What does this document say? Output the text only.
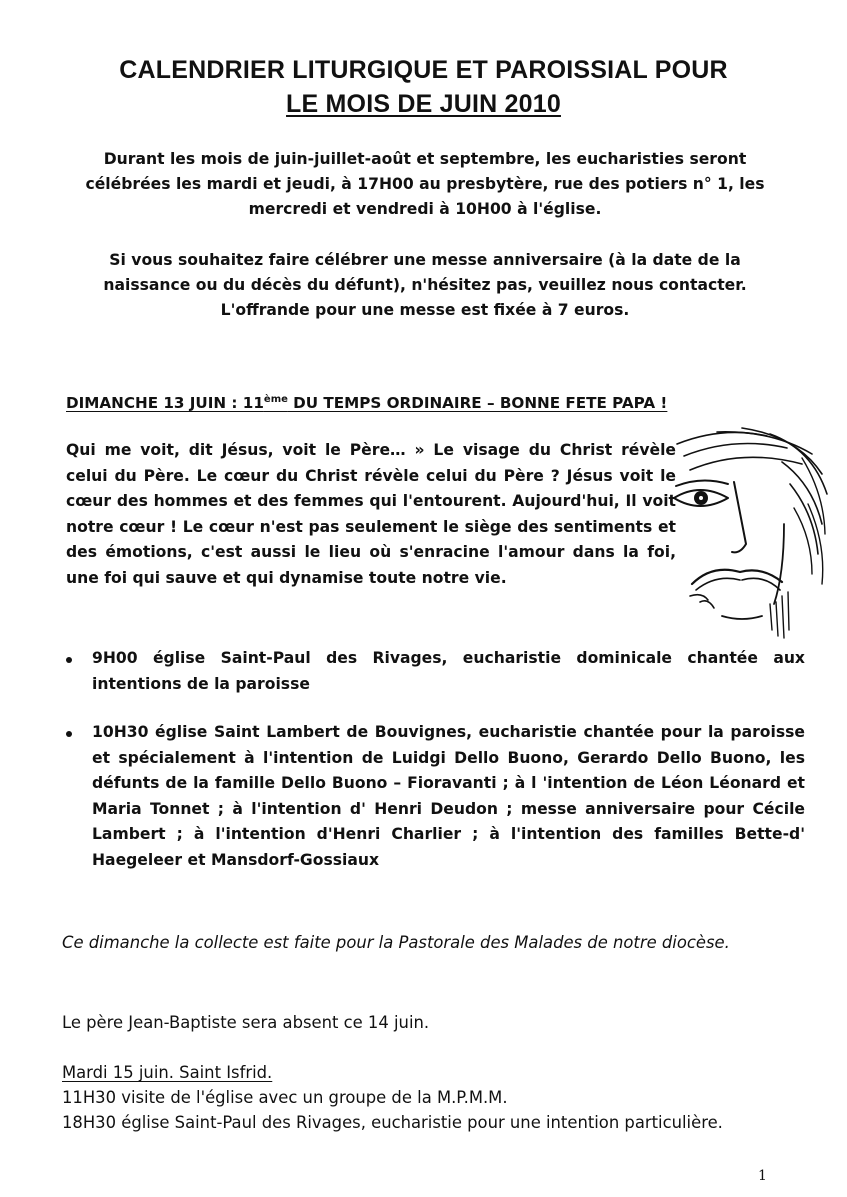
CALENDRIER LITURGIQUE ET PAROISSIAL POUR
LE MOIS DE JUIN 2010

Durant les mois de juin-juillet-août et septembre, les eucharisties seront célébrées les mardi et jeudi, à 17H00 au presbytère, rue des potiers n° 1, les mercredi et vendredi à 10H00 à l'église.

Si vous souhaitez faire célébrer une messe anniversaire (à la date de la naissance ou du décès du défunt), n'hésitez pas, veuillez nous contacter. L'offrande pour une messe est fixée à 7 euros.

DIMANCHE 13 JUIN : 11ème DU TEMPS ORDINAIRE – BONNE FETE PAPA !

Qui me voit, dit Jésus, voit le Père… » Le visage du Christ révèle celui du Père. Le cœur du Christ révèle celui du Père ? Jésus voit le cœur des hommes et des femmes qui l'entourent. Aujourd'hui, Il voit notre cœur ! Le cœur n'est pas seulement le siège des sentiments et des émotions, c'est aussi le lieu où s'enracine l'amour dans la foi, une foi qui sauve et qui dynamise toute notre vie.

9H00 église Saint-Paul des Rivages, eucharistie dominicale chantée aux intentions de la paroisse
10H30 église Saint Lambert de Bouvignes, eucharistie chantée pour la paroisse et spécialement à l'intention de Luidgi Dello Buono, Gerardo Dello Buono, les défunts de la famille Dello Buono – Fioravanti ; à l 'intention de Léon Léonard et Maria Tonnet ; à l'intention d' Henri Deudon ; messe anniversaire pour Cécile Lambert ; à l'intention d'Henri Charlier ; à l'intention des familles Bette-d' Haegeleer et Mansdorf-Gossiaux

Ce dimanche la collecte est faite pour la Pastorale des Malades de notre diocèse.

Le père Jean-Baptiste sera absent ce 14 juin.

Mardi 15 juin. Saint Isfrid.

11H30 visite de l'église avec un groupe de la M.P.M.M.

18H30 église Saint-Paul des Rivages, eucharistie pour une intention particulière.

1
